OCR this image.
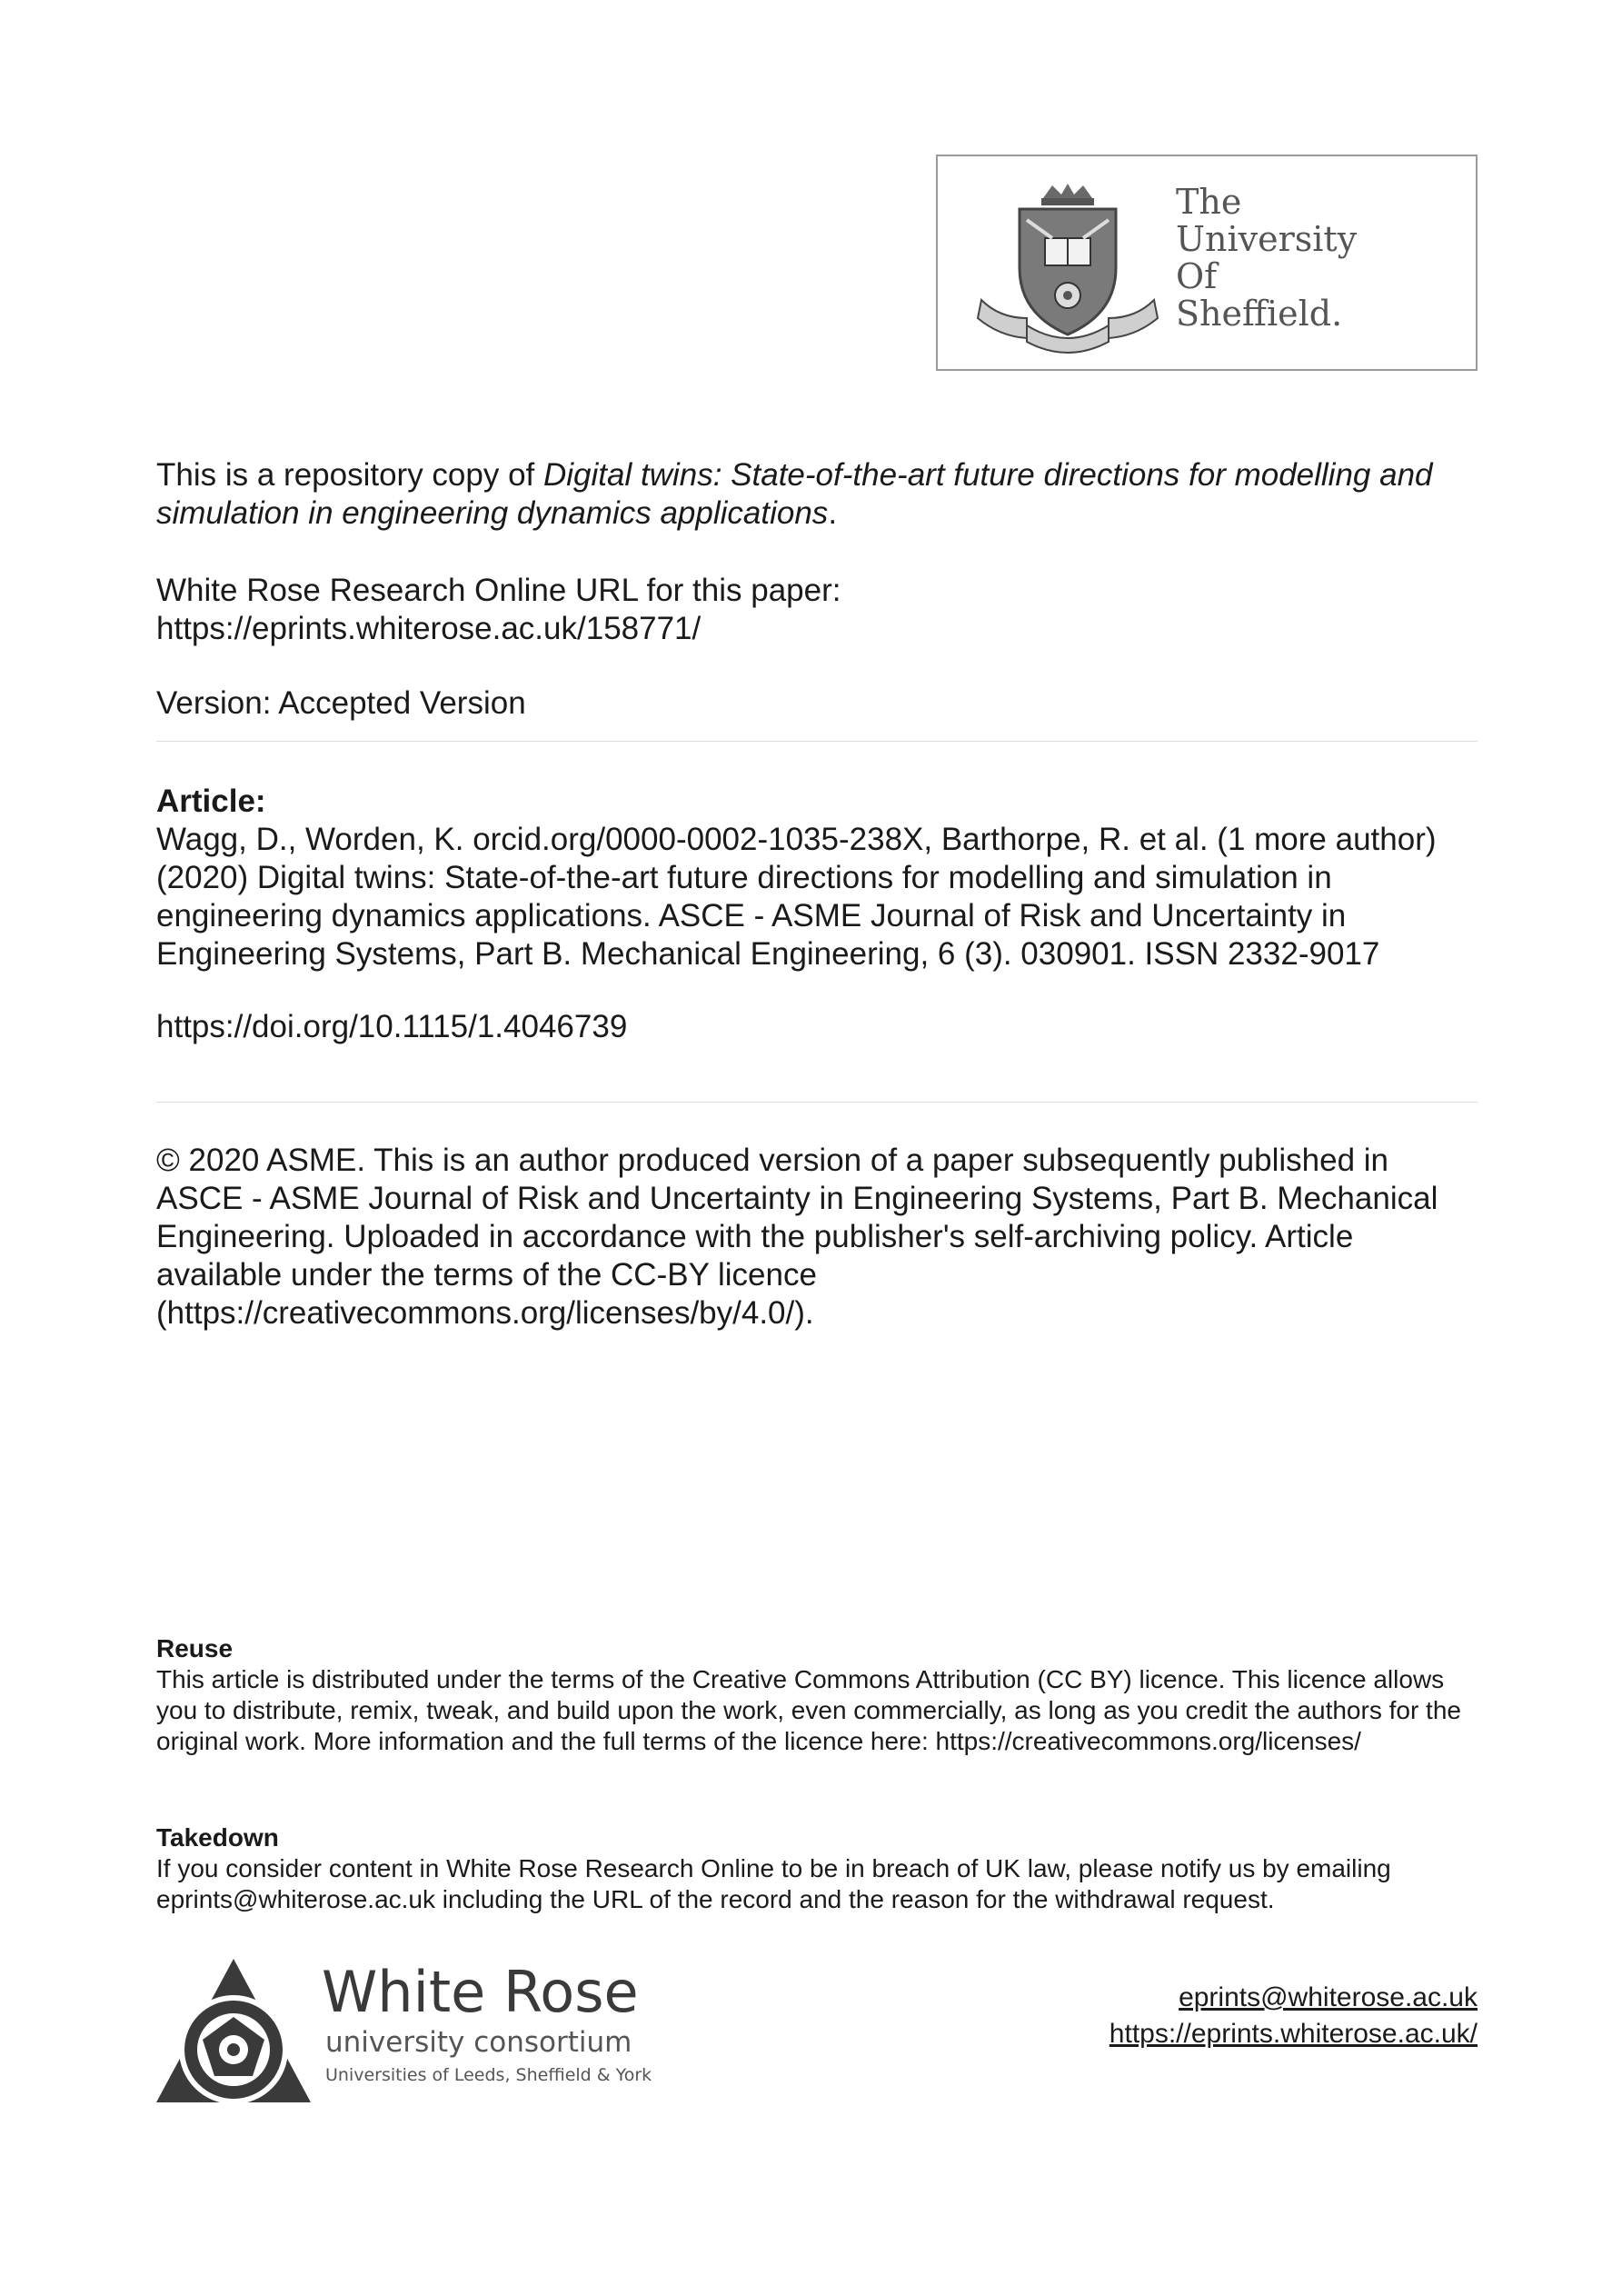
The
University
Of
Sheffield.
This is a repository copy of Digital twins: State-of-the-art future directions for modelling and simulation in engineering dynamics applications.
White Rose Research Online URL for this paper:
https://eprints.whiterose.ac.uk/158771/
Version: Accepted Version
Article:
Wagg, D., Worden, K. orcid.org/0000-0002-1035-238X, Barthorpe, R. et al. (1 more author) (2020) Digital twins: State-of-the-art future directions for modelling and simulation in engineering dynamics applications. ASCE - ASME Journal of Risk and Uncertainty in Engineering Systems, Part B. Mechanical Engineering, 6 (3). 030901. ISSN 2332-9017
https://doi.org/10.1115/1.4046739
© 2020 ASME. This is an author produced version of a paper subsequently published in ASCE - ASME Journal of Risk and Uncertainty in Engineering Systems, Part B. Mechanical Engineering. Uploaded in accordance with the publisher's self-archiving policy. Article available under the terms of the CC-BY licence (https://creativecommons.org/licenses/by/4.0/).
Reuse
This article is distributed under the terms of the Creative Commons Attribution (CC BY) licence. This licence allows you to distribute, remix, tweak, and build upon the work, even commercially, as long as you credit the authors for the original work. More information and the full terms of the licence here: https://creativecommons.org/licenses/
Takedown
If you consider content in White Rose Research Online to be in breach of UK law, please notify us by emailing eprints@whiterose.ac.uk including the URL of the record and the reason for the withdrawal request.
White Rose
university consortium
Universities of Leeds, Sheffield & York
eprints@whiterose.ac.uk
https://eprints.whiterose.ac.uk/
